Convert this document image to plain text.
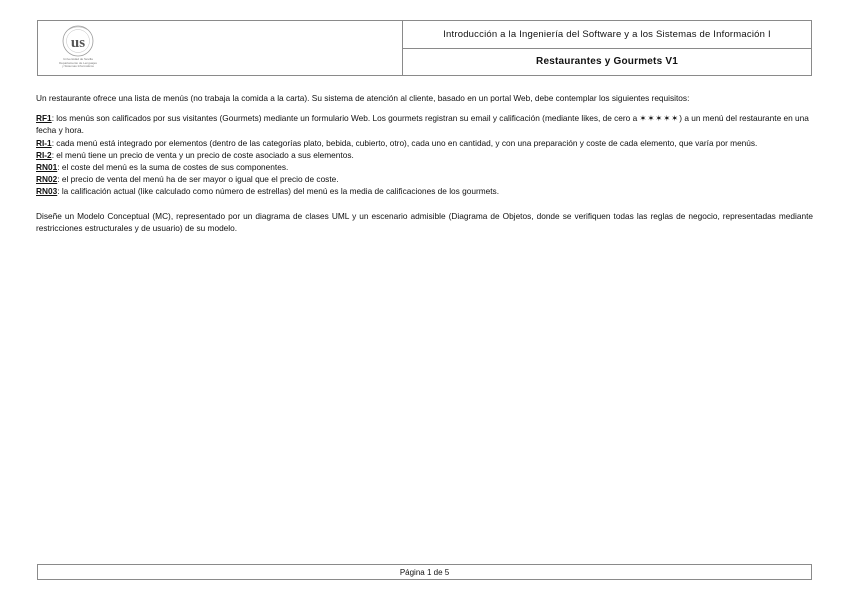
us
Universidad de Sevilla
Departamento de Lenguajes
y Sistemas Informáticos
Introducción a la Ingeniería del Software y a los Sistemas de Información I
Restaurantes y Gourmets V1

Un restaurante ofrece una lista de menús (no trabaja la comida a la carta). Su sistema de atención al cliente, basado en un portal Web, debe contemplar los siguientes requisitos:

RF1: los menús son calificados por sus visitantes (Gourmets) mediante un formulario Web. Los gourmets registran su email y calificación (mediante likes, de cero a ✶✶✶✶✶) a un menú del restaurante en una fecha y hora.

RI-1: cada menú está integrado por elementos (dentro de las categorías plato, bebida, cubierto, otro), cada uno en cantidad, y con una preparación y coste de cada elemento, que varía por menús.

RI-2: el menú tiene un precio de venta y un precio de coste asociado a sus elementos.

RN01: el coste del menú es la suma de costes de sus componentes.

RN02: el precio de venta del menú ha de ser mayor o igual que el precio de coste.

RN03: la calificación actual (like calculado como número de estrellas) del menú es la media de calificaciones de los gourmets.

Diseñe un Modelo Conceptual (MC), representado por un diagrama de clases UML y un escenario admisible (Diagrama de Objetos, donde se verifiquen todas las reglas de negocio, representadas mediante restricciones estructurales y de usuario) de su modelo.

Página 1 de 5
